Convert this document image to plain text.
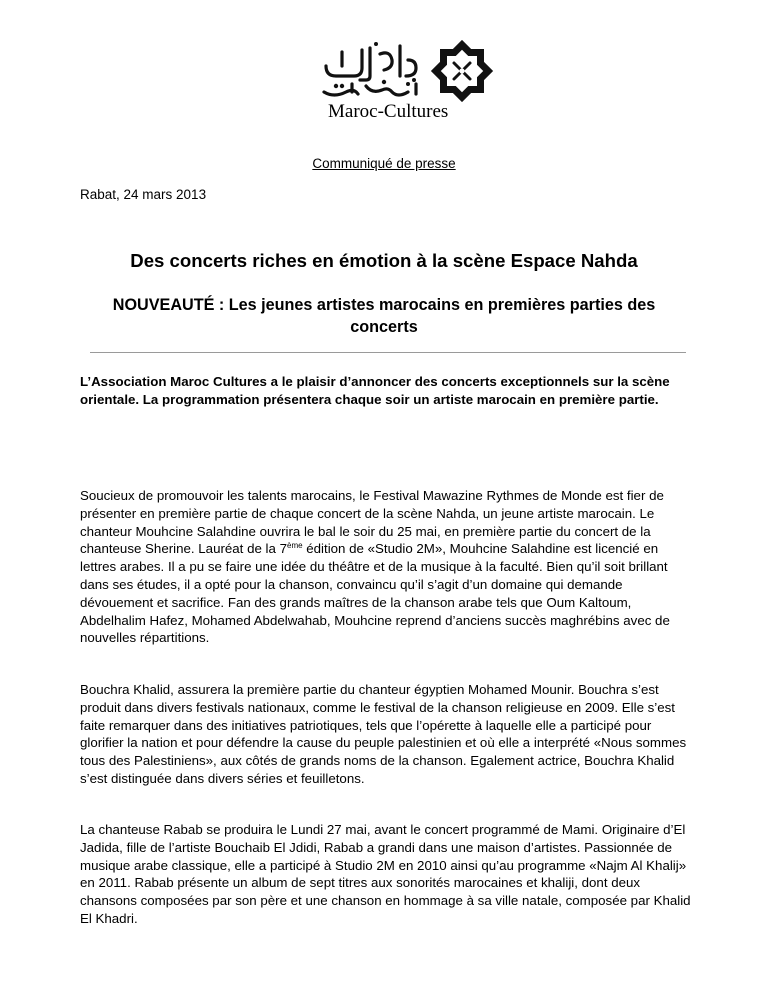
Maroc-Cultures
Communiqué de presse
Rabat, 24 mars 2013
Des concerts riches en émotion à la scène Espace Nahda
NOUVEAUTÉ : Les jeunes artistes marocains en premières parties des concerts

L’Association Maroc Cultures a le plaisir d’annoncer des concerts exceptionnels sur la scène orientale. La programmation présentera chaque soir un artiste marocain en première partie.

Soucieux de promouvoir les talents marocains, le Festival Mawazine Rythmes de Monde est fier de présenter en première partie de chaque concert de la scène Nahda, un jeune artiste marocain. Le chanteur Mouhcine Salahdine ouvrira le bal le soir du 25 mai, en première partie du concert de la chanteuse Sherine. Lauréat de la 7ème édition de «Studio 2M», Mouhcine Salahdine est licencié en lettres arabes. Il a pu se faire une idée du théâtre et de la musique à la faculté. Bien qu’il soit brillant dans ses études, il a opté pour la chanson, convaincu qu’il s’agit d’un domaine qui demande dévouement et sacrifice. Fan des grands maîtres de la chanson arabe tels que Oum Kaltoum, Abdelhalim Hafez, Mohamed Abdelwahab, Mouhcine reprend d’anciens succès maghrébins avec de nouvelles répartitions.

Bouchra Khalid, assurera la première partie du chanteur égyptien Mohamed Mounir. Bouchra s’est produit dans divers festivals nationaux, comme le festival de la chanson religieuse en 2009. Elle s’est faite remarquer dans des initiatives patriotiques, tels que l’opérette à laquelle elle a participé pour glorifier la nation et pour défendre la cause du peuple palestinien et où elle a interprété «Nous sommes tous des Palestiniens», aux côtés de grands noms de la chanson. Egalement actrice, Bouchra Khalid s’est distinguée dans divers séries et feuilletons.

La chanteuse Rabab se produira le Lundi 27 mai, avant le concert programmé de Mami. Originaire d’El Jadida, fille de l’artiste Bouchaib El Jdidi, Rabab a grandi dans une maison d’artistes. Passionnée de musique arabe classique, elle a participé à Studio 2M en 2010 ainsi qu’au programme «Najm Al Khalij» en 2011. Rabab présente un album de sept titres aux sonorités marocaines et khaliji, dont deux chansons composées par son père et une chanson en hommage à sa ville natale, composée par Khalid El Khadri.
